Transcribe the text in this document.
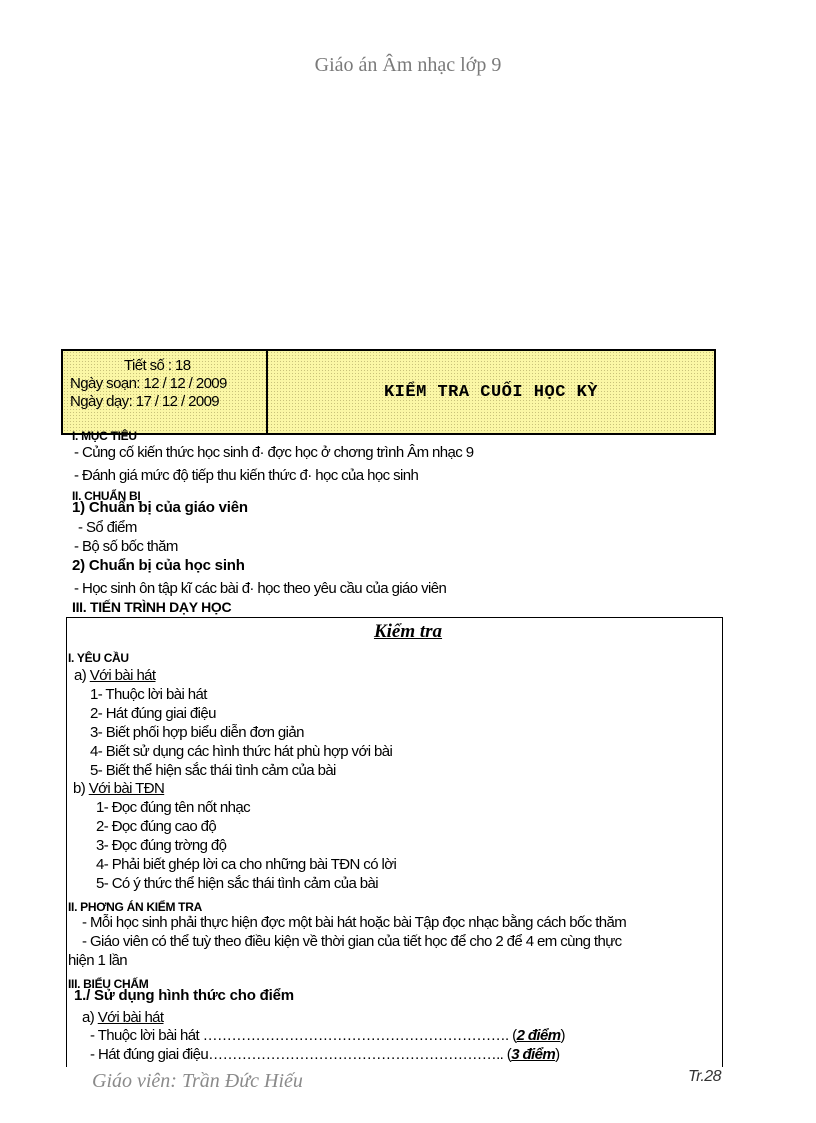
Giáo án Âm nhạc lớp 9
Tiết số : 18
Ngày soạn: 12 / 12 / 2009
Ngày dạy: 17 / 12 / 2009	KIỂM TRA CUỐI HỌC KỲ
I. MỤC TIÊU
- Củng cố kiến thức học sinh đ· đợc học ở chơng trình Âm nhạc 9
- Đánh giá mức độ tiếp thu kiến thức đ· học của học sinh
II. CHUẨN BỊ
1) Chuẩn bị của giáo viên
- Sổ điểm
- Bộ số bốc thăm
2) Chuẩn bị của học sinh
- Học sinh ôn tập kĩ các bài đ· học theo yêu cầu của giáo viên
III. TIẾN TRÌNH DẠY HỌC
Kiểm tra
I. YÊU CẦU
a) Với bài hát
1- Thuộc lời bài hát
2- Hát đúng giai điệu
3- Biết phối hợp biểu diễn đơn giản
4- Biết sử dụng các hình thức hát phù hợp với bài
5- Biết thể hiện sắc thái tình cảm của bài
b) Với bài TĐN
1- Đọc đúng tên nốt nhạc
2- Đọc đúng cao độ
3- Đọc đúng trờng độ
4- Phải biết ghép lời ca cho những bài TĐN có lời
5- Có ý thức thể hiện sắc thái tình cảm của bài
II. PHƠNG ÁN KIỂM TRA
- Mỗi học sinh phải thực hiện đợc một bài hát hoặc bài Tập đọc nhạc bằng cách bốc thăm
- Giáo viên có thể tuỳ theo điều kiện về thời gian của tiết học để cho 2 để 4 em cùng thực
hiện 1 lần
III. BIỂU CHẤM
1./ Sử dụng hình thức cho điểm
a) Với bài hát
- Thuộc lời bài hát ………………………………………………………. (2 điểm)
- Hát đúng giai điệu…………………………………………………….. (3 điểm)
Giáo viên: Trần Đức Hiếu	Tr.28
